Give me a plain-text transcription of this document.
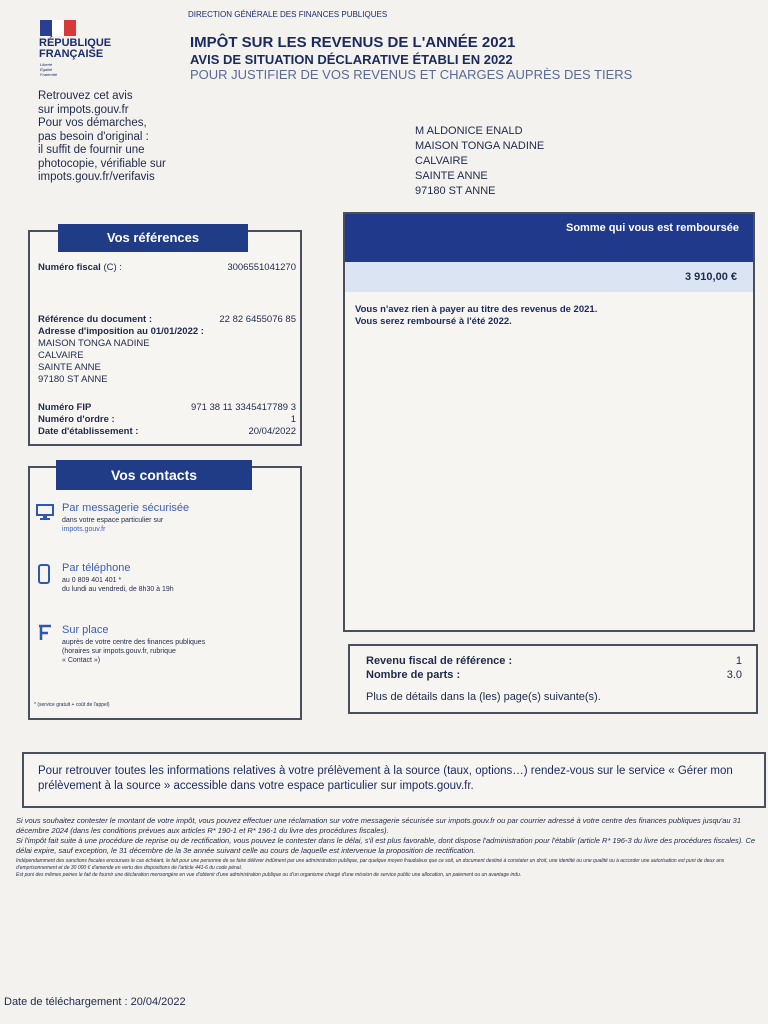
RÉPUBLIQUE
FRANÇAISE
Liberté
Égalité
Fraternité
Retrouvez cet avis
sur impots.gouv.fr
Pour vos démarches,
pas besoin d'original :
il suffit de fournir une
photocopie, vérifiable sur
impots.gouv.fr/verifavis
DIRECTION GÉNÉRALE DES FINANCES PUBLIQUES
IMPÔT SUR LES REVENUS DE L'ANNÉE 2021
AVIS DE SITUATION DÉCLARATIVE ÉTABLI EN 2022
POUR JUSTIFIER DE VOS REVENUS ET CHARGES AUPRÈS DES TIERS
M ALDONICE ENALD
MAISON TONGA NADINE
CALVAIRE
SAINTE ANNE
97180 ST ANNE
Vos références
Numéro fiscal (C) :	3006551041270
Référence du document :	22 82 6455076 85
Adresse d'imposition au 01/01/2022 :
MAISON TONGA NADINE
CALVAIRE
SAINTE ANNE
97180 ST ANNE
Numéro FIP	971 38 11 3345417789 3
Numéro d'ordre :	1
Date d'établissement :	20/04/2022
Somme qui vous est remboursée
3 910,00 €
Vous n'avez rien à payer au titre des revenus de 2021.
Vous serez remboursé à l'été 2022.
Vos contacts
Par messagerie sécurisée
dans votre espace particulier sur
impots.gouv.fr
Par téléphone
au 0 809 401 401 *
du lundi au vendredi, de 8h30 à 19h
Sur place
auprès de votre centre des finances publiques
(horaires sur impots.gouv.fr, rubrique
« Contact »)
* (service gratuit + coût de l'appel)
Revenu fiscal de référence :	1
Nombre de parts :	3.0
Plus de détails dans la (les) page(s) suivante(s).
Pour retrouver toutes les informations relatives à votre prélèvement à la source (taux, options…) rendez-vous sur le service « Gérer mon prélèvement à la source » accessible dans votre espace particulier sur impots.gouv.fr.
Si vous souhaitez contester le montant de votre impôt, vous pouvez effectuer une réclamation sur votre messagerie sécurisée sur impots.gouv.fr ou par courrier adressé à votre centre des finances publiques jusqu'au 31 décembre 2024 (dans les conditions prévues aux articles R* 190-1 et R* 196-1 du livre des procédures fiscales).
Si l'impôt fait suite à une procédure de reprise ou de rectification, vous pouvez le contester dans le délai, s'il est plus favorable, dont dispose l'administration pour l'établir (article R* 196-3 du livre des procédures fiscales). Ce délai expire, sauf exception, le 31 décembre de la 3e année suivant celle au cours de laquelle est intervenue la proposition de rectification.
Indépendamment des sanctions fiscales encourues le cas échéant, le fait pour une personne de se faire délivrer indûment par une administration publique, par quelque moyen frauduleux que ce soit, un document destiné à constater un droit, une identité ou une qualité ou à accorder une autorisation est puni de deux ans d'emprisonnement et de 30 000 € d'amende en vertu des dispositions de l'article 441-6 du code pénal.
Est puni des mêmes peines le fait de fournir une déclaration mensongère en vue d'obtenir d'une administration publique ou d'un organisme chargé d'une mission de service public une allocation, un paiement ou un avantage indu.
Date de téléchargement : 20/04/2022
